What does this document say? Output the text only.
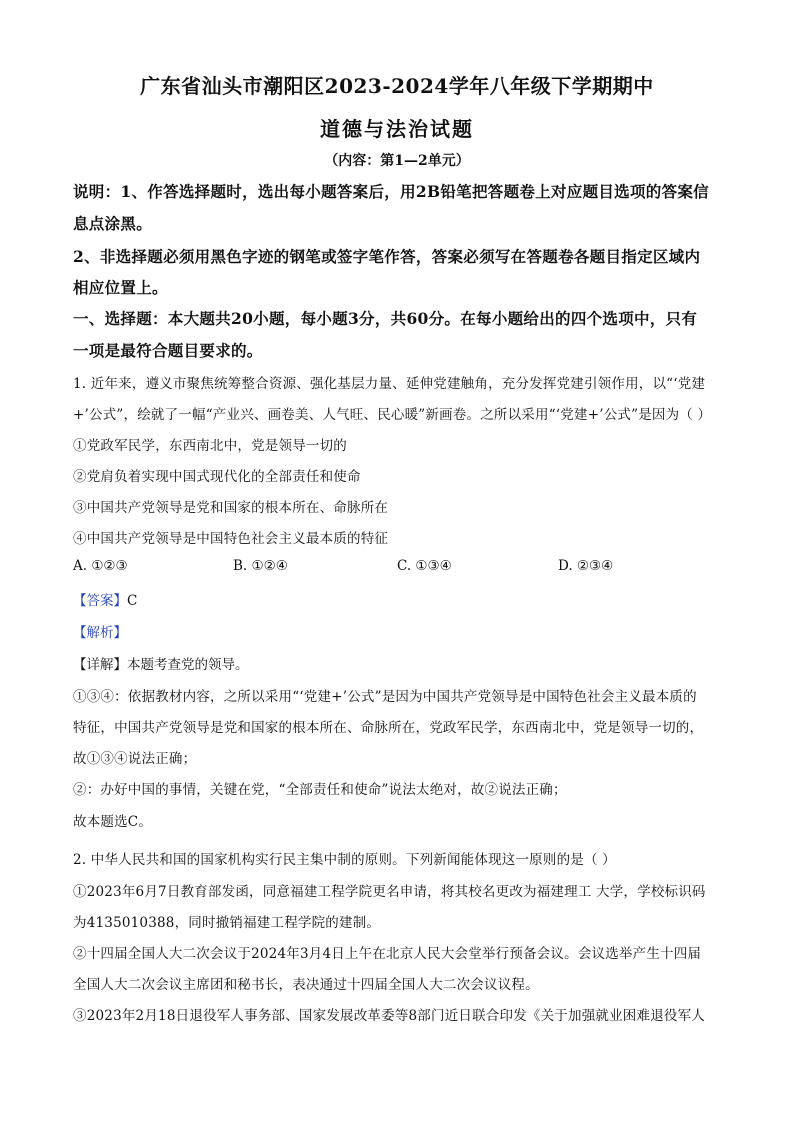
广东省汕头市潮阳区2023-2024学年八年级下学期期中
道德与法治试题
（内容：第1—2单元）
说明：1、作答选择题时，选出每小题答案后，用2B铅笔把答题卷上对应题目选项的答案信
息点涂黑。
2、非选择题必须用黑色字迹的钢笔或签字笔作答，答案必须写在答题卷各题目指定区域内
相应位置上。
一、选择题：本大题共20小题，每小题3分，共60分。在每小题给出的四个选项中，只有
一项是最符合题目要求的。
1. 近年来，遵义市聚焦统筹整合资源、强化基层力量、延伸党建触角，充分发挥党建引领作用，以“‘党建
+’公式”，绘就了一幅“产业兴、画卷美、人气旺、民心暖”新画卷。之所以采用“‘党建+’公式”是因为（ ）
①党政军民学，东西南北中，党是领导一切的
②党肩负着实现中国式现代化的全部责任和使命
③中国共产党领导是党和国家的根本所在、命脉所在
④中国共产党领导是中国特色社会主义最本质的特征
A. ①②③	B. ①②④	C. ①③④	D. ②③④
【答案】C
【解析】
【详解】本题考查党的领导。
①③④：依据教材内容，之所以采用“‘党建+’公式”是因为中国共产党领导是中国特色社会主义最本质的
特征，中国共产党领导是党和国家的根本所在、命脉所在，党政军民学，东西南北中，党是领导一切的，
故①③④说法正确；
②：办好中国的事情，关键在党，“全部责任和使命”说法太绝对，故②说法正确；
故本题选C。
2. 中华人民共和国的国家机构实行民主集中制的原则。下列新闻能体现这一原则的是（ ）
①2023年6月7日教育部发函，同意福建工程学院更名申请，将其校名更改为福建理工 大学，学校标识码
为4135010388，同时撤销福建工程学院的建制。
②十四届全国人大二次会议于2024年3月4日上午在北京人民大会堂举行预备会议。会议选举产生十四届
全国人大二次会议主席团和秘书长，表决通过十四届全国人大二次会议议程。
③2023年2月18日退役军人事务部、国家发展改革委等8部门近日联合印发《关于加强就业困难退役军人
